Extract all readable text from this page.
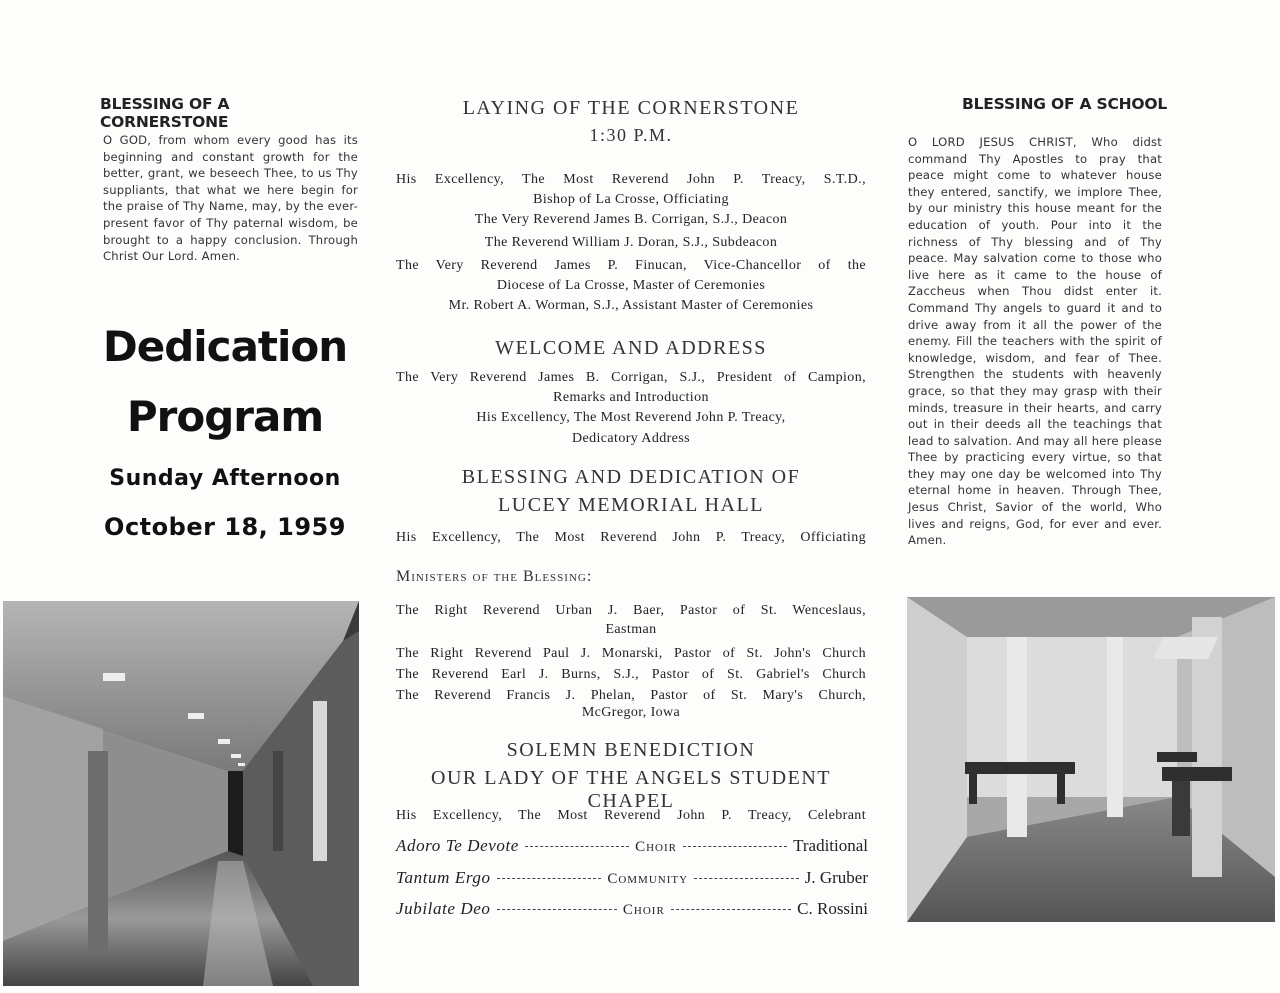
BLESSING OF A CORNERSTONE
O GOD, from whom every good has its beginning and constant growth for the better, grant, we beseech Thee, to us Thy suppliants, that what we here begin for the praise of Thy Name, may, by the ever-present favor of Thy paternal wisdom, be brought to a happy conclusion. Through Christ Our Lord. Amen.
Dedication
Program
Sunday Afternoon
October 18, 1959
BLESSING OF A SCHOOL
O LORD JESUS CHRIST, Who didst command Thy Apostles to pray that peace might come to whatever house they entered, sanctify, we implore Thee, by our ministry this house meant for the education of youth. Pour into it the richness of Thy blessing and of Thy peace. May salvation come to those who live here as it came to the house of Zaccheus when Thou didst enter it. Command Thy angels to guard it and to drive away from it all the power of the enemy. Fill the teachers with the spirit of knowledge, wisdom, and fear of Thee. Strengthen the students with heavenly grace, so that they may grasp with their minds, treasure in their hearts, and carry out in their deeds all the teachings that lead to salvation. And may all here please Thee by practicing every virtue, so that they may one day be welcomed into Thy eternal home in heaven. Through Thee, Jesus Christ, Savior of the world, Who lives and reigns, God, for ever and ever. Amen.
LAYING OF THE CORNERSTONE
1:30 P.M.
His Excellency, The Most Reverend John P. Treacy, S.T.D.,
Bishop of La Crosse, Officiating
The Very Reverend James B. Corrigan, S.J., Deacon
The Reverend William J. Doran, S.J., Subdeacon
The Very Reverend James P. Finucan, Vice-Chancellor of the
Diocese of La Crosse, Master of Ceremonies
Mr. Robert A. Worman, S.J., Assistant Master of Ceremonies
WELCOME AND ADDRESS
The Very Reverend James B. Corrigan, S.J., President of Campion,
Remarks and Introduction
His Excellency, The Most Reverend John P. Treacy,
Dedicatory Address
BLESSING AND DEDICATION OF
LUCEY MEMORIAL HALL
His Excellency, The Most Reverend John P. Treacy, Officiating
Ministers of the Blessing:
The Right Reverend Urban J. Baer, Pastor of St. Wenceslaus,
Eastman
The Right Reverend Paul J. Monarski, Pastor of St. John's Church
The Reverend Earl J. Burns, S.J., Pastor of St. Gabriel's Church
The Reverend Francis J. Phelan, Pastor of St. Mary's Church,
McGregor, Iowa
SOLEMN BENEDICTION
OUR LADY OF THE ANGELS STUDENT CHAPEL
His Excellency, The Most Reverend John P. Treacy, Celebrant
Adoro Te Devote	Choir	Traditional
Tantum Ergo	Community	J. Gruber
Jubilate Deo	Choir	C. Rossini
